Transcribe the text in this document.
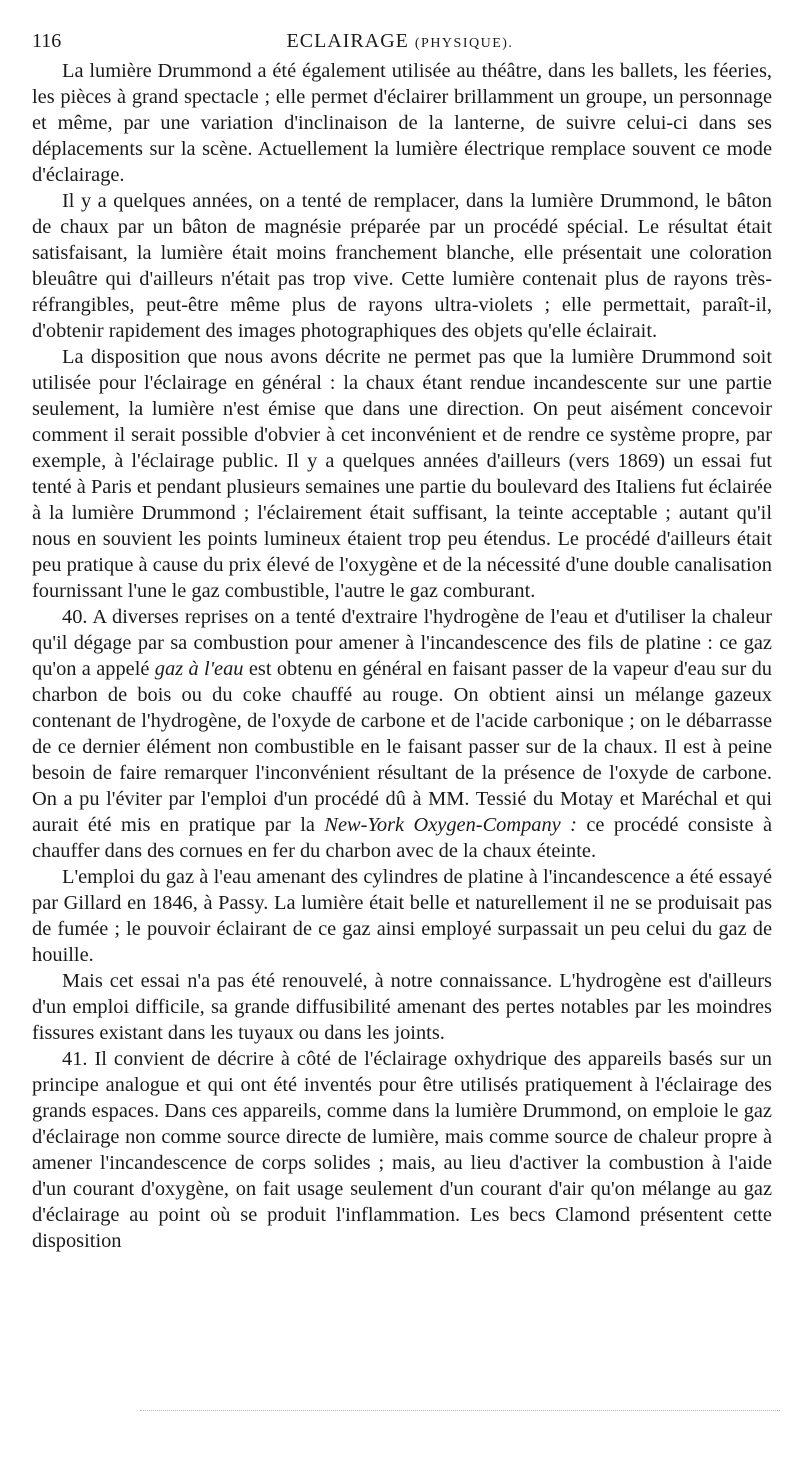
116	ECLAIRAGE (PHYSIQUE).

La lumière Drummond a été également utilisée au théâtre, dans les ballets, les féeries, les pièces à grand spectacle ; elle permet d'éclairer brillamment un groupe, un personnage et même, par une variation d'inclinaison de la lanterne, de suivre celui-ci dans ses déplacements sur la scène. Actuellement la lumière électrique remplace souvent ce mode d'éclairage.

Il y a quelques années, on a tenté de remplacer, dans la lumière Drummond, le bâton de chaux par un bâton de magnésie préparée par un procédé spécial. Le résultat était satisfaisant, la lumière était moins franchement blanche, elle présentait une coloration bleuâtre qui d'ailleurs n'était pas trop vive. Cette lumière contenait plus de rayons très-réfrangibles, peut-être même plus de rayons ultra-violets ; elle permettait, paraît-il, d'obtenir rapidement des images photographiques des objets qu'elle éclairait.

La disposition que nous avons décrite ne permet pas que la lumière Drummond soit utilisée pour l'éclairage en général : la chaux étant rendue incandescente sur une partie seulement, la lumière n'est émise que dans une direction. On peut aisément concevoir comment il serait possible d'obvier à cet inconvénient et de rendre ce système propre, par exemple, à l'éclairage public. Il y a quelques années d'ailleurs (vers 1869) un essai fut tenté à Paris et pendant plusieurs semaines une partie du boulevard des Italiens fut éclairée à la lumière Drummond ; l'éclairement était suffisant, la teinte acceptable ; autant qu'il nous en souvient les points lumineux étaient trop peu étendus. Le procédé d'ailleurs était peu pratique à cause du prix élevé de l'oxygène et de la nécessité d'une double canalisation fournissant l'une le gaz combustible, l'autre le gaz comburant.

40. A diverses reprises on a tenté d'extraire l'hydrogène de l'eau et d'utiliser la chaleur qu'il dégage par sa combustion pour amener à l'incandescence des fils de platine : ce gaz qu'on a appelé gaz à l'eau est obtenu en général en faisant passer de la vapeur d'eau sur du charbon de bois ou du coke chauffé au rouge. On obtient ainsi un mélange gazeux contenant de l'hydrogène, de l'oxyde de carbone et de l'acide carbonique ; on le débarrasse de ce dernier élément non combustible en le faisant passer sur de la chaux. Il est à peine besoin de faire remarquer l'inconvénient résultant de la présence de l'oxyde de carbone. On a pu l'éviter par l'emploi d'un procédé dû à MM. Tessié du Motay et Maréchal et qui aurait été mis en pratique par la New-York Oxygen-Company : ce procédé consiste à chauffer dans des cornues en fer du charbon avec de la chaux éteinte.

L'emploi du gaz à l'eau amenant des cylindres de platine à l'incandescence a été essayé par Gillard en 1846, à Passy. La lumière était belle et naturellement il ne se produisait pas de fumée ; le pouvoir éclairant de ce gaz ainsi employé surpassait un peu celui du gaz de houille.

Mais cet essai n'a pas été renouvelé, à notre connaissance. L'hydrogène est d'ailleurs d'un emploi difficile, sa grande diffusibilité amenant des pertes notables par les moindres fissures existant dans les tuyaux ou dans les joints.

41. Il convient de décrire à côté de l'éclairage oxhydrique des appareils basés sur un principe analogue et qui ont été inventés pour être utilisés pratiquement à l'éclairage des grands espaces. Dans ces appareils, comme dans la lumière Drummond, on emploie le gaz d'éclairage non comme source directe de lumière, mais comme source de chaleur propre à amener l'incandescence de corps solides ; mais, au lieu d'activer la combustion à l'aide d'un courant d'oxygène, on fait usage seulement d'un courant d'air qu'on mélange au gaz d'éclairage au point où se produit l'inflammation. Les becs Clamond présentent cette disposition
